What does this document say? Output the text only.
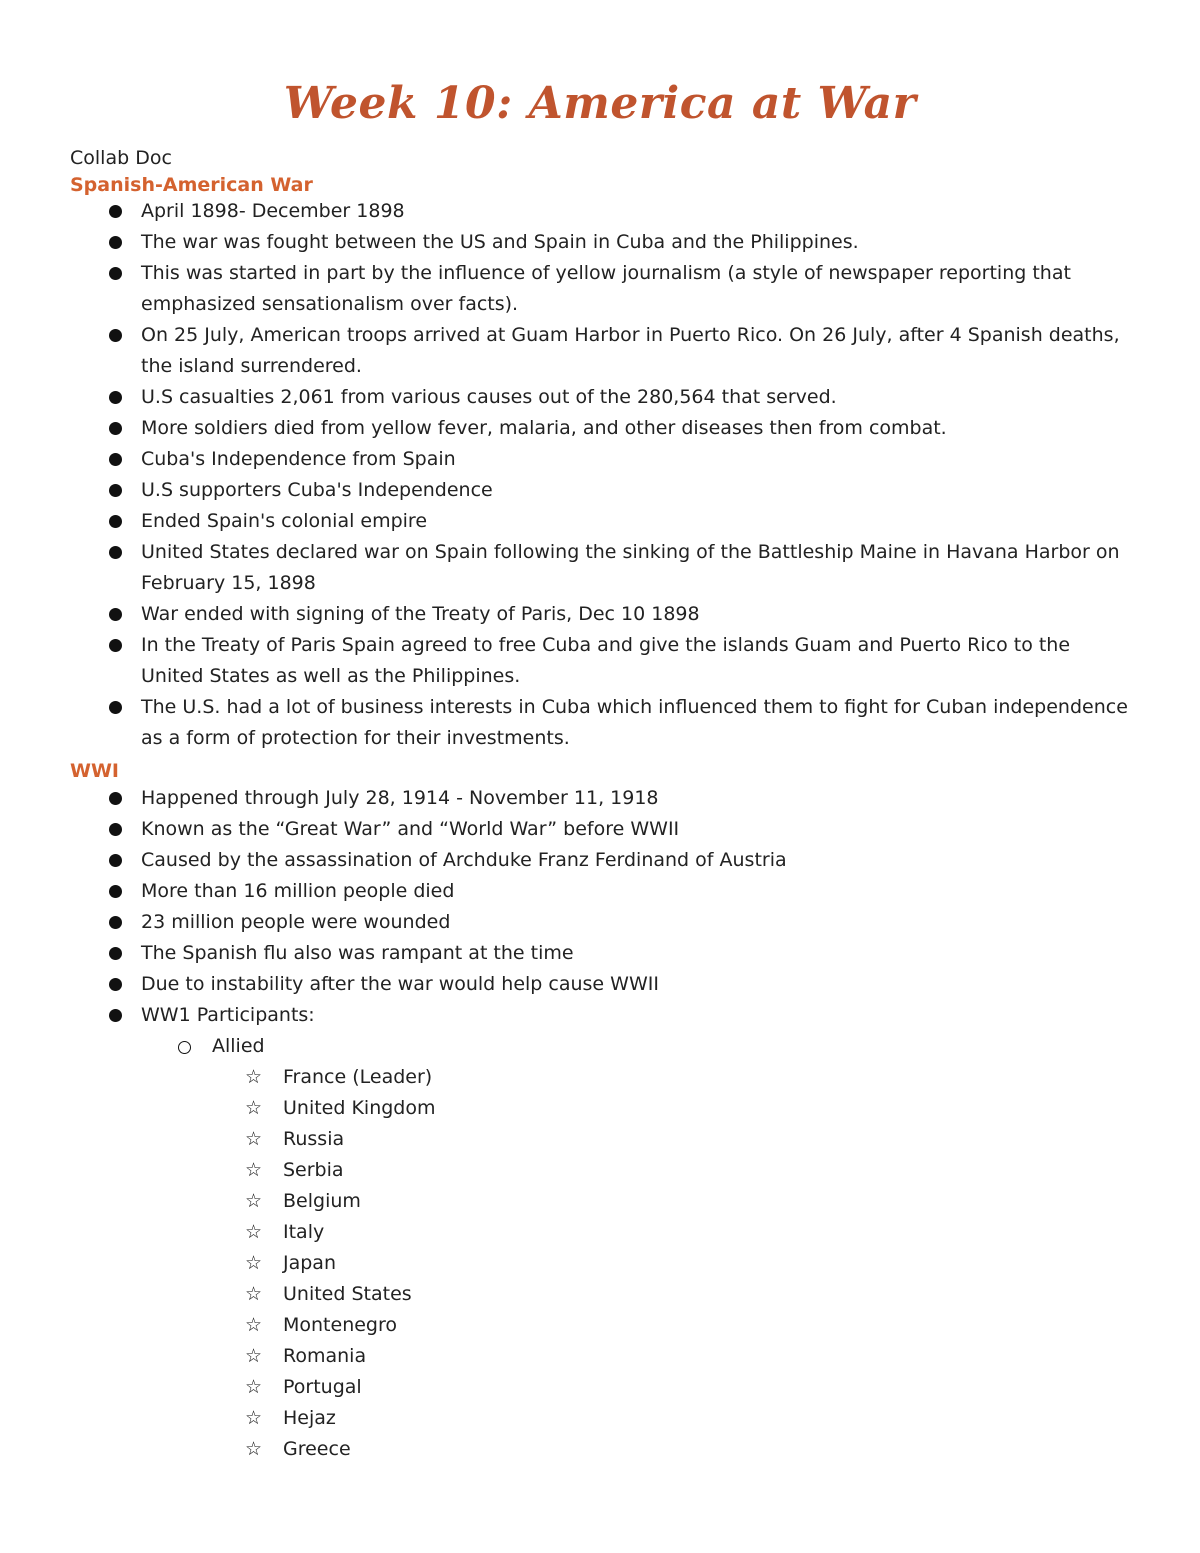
Week 10: America at War

Collab Doc

Spanish-American War
April 1898- December 1898
The war was fought between the US and Spain in Cuba and the Philippines.
This was started in part by the influence of yellow journalism (a style of newspaper reporting that emphasized sensationalism over facts).
On 25 July, American troops arrived at Guam Harbor in Puerto Rico. On 26 July, after 4 Spanish deaths, the island surrendered.
U.S casualties 2,061 from various causes out of the 280,564 that served.
More soldiers died from yellow fever, malaria, and other diseases then from combat.
Cuba's Independence from Spain
U.S supporters Cuba's Independence
Ended Spain's colonial empire
United States declared war on Spain following the sinking of the Battleship Maine in Havana Harbor on February 15, 1898
War ended with signing of the Treaty of Paris, Dec 10 1898
In the Treaty of Paris Spain agreed to free Cuba and give the islands Guam and Puerto Rico to the United States as well as the Philippines.
The U.S. had a lot of business interests in Cuba which influenced them to fight for Cuban independence as a form of protection for their investments.
WWI
Happened through July 28, 1914 - November 11, 1918
Known as the “Great War” and “World War” before WWII
Caused by the assassination of Archduke Franz Ferdinand of Austria
More than 16 million people died
23 million people were wounded
The Spanish flu also was rampant at the time
Due to instability after the war would help cause WWII
WW1 Participants:
Allied
☆ France (Leader)
☆ United Kingdom
☆ Russia
☆ Serbia
☆ Belgium
☆ Italy
☆ Japan
☆ United States
☆ Montenegro
☆ Romania
☆ Portugal
☆ Hejaz
☆ Greece
